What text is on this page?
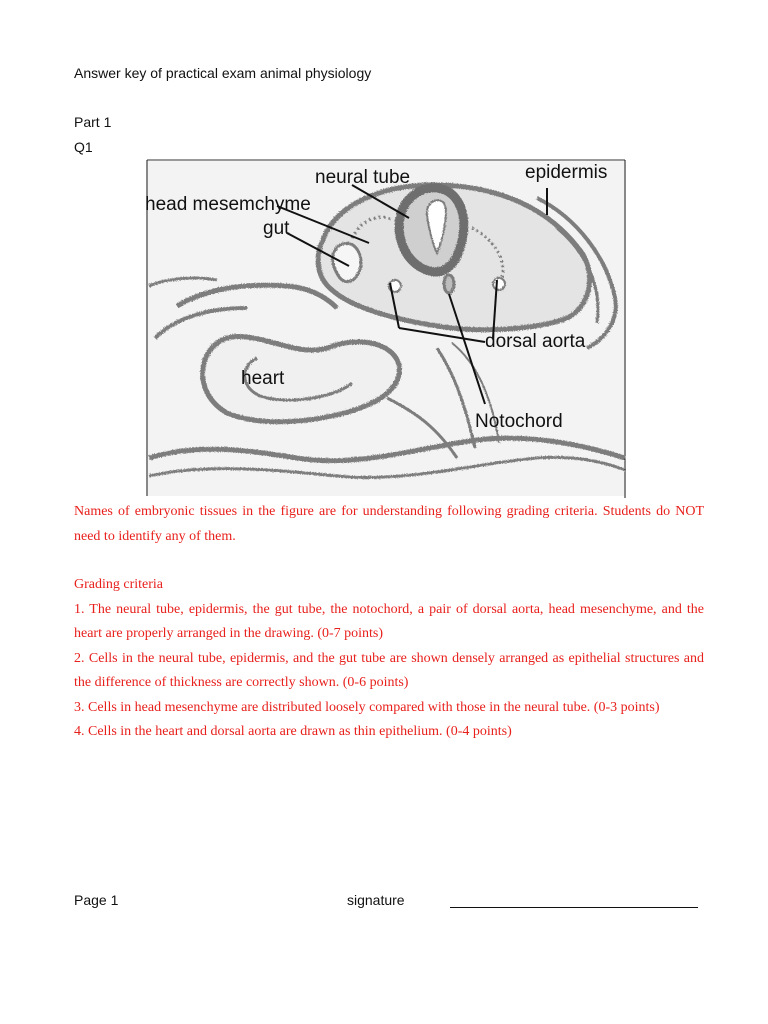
Answer key of practical exam animal physiology
Part 1
Q1
neural tube	epidermis
head mesemchyme
gut
dorsal aorta
heart
Notochord
Names of embryonic tissues in the figure are for understanding following grading criteria. Students do NOT need to identify any of them.

Grading criteria

1. The neural tube, epidermis, the gut tube, the notochord, a pair of dorsal aorta, head mesenchyme, and the heart are properly arranged in the drawing. (0-7 points)

2. Cells in the neural tube, epidermis, and the gut tube are shown densely arranged as epithelial structures and the difference of thickness are correctly shown. (0-6 points)

3. Cells in head mesenchyme are distributed loosely compared with those in the neural tube. (0-3 points)

4. Cells in the heart and dorsal aorta are drawn as thin epithelium. (0-4 points)

Page 1	signature
